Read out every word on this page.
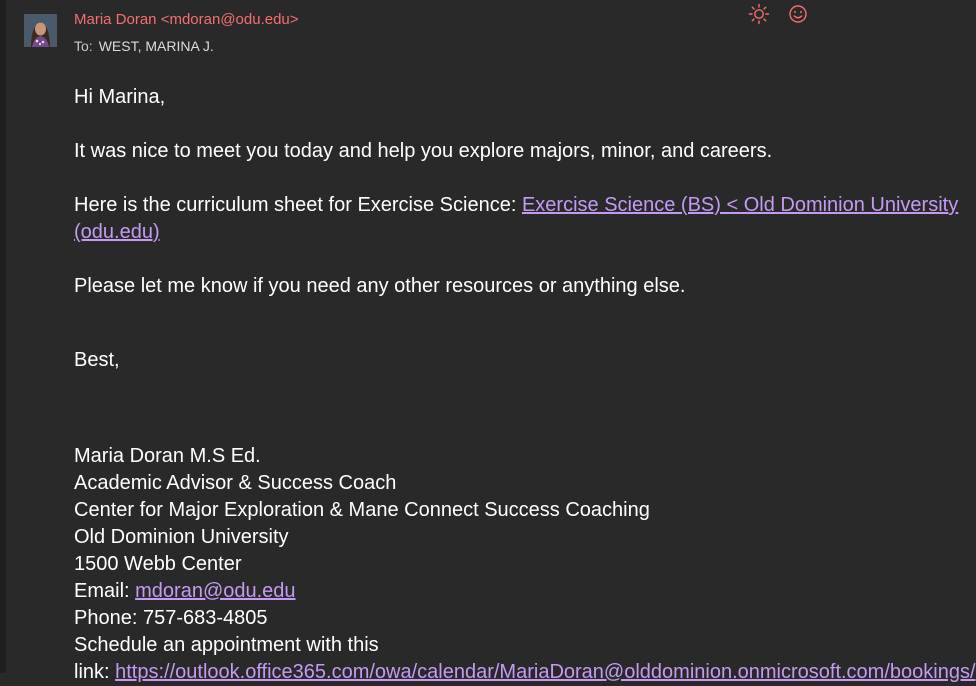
Maria Doran <mdoran@odu.edu>
To: WEST, MARINA J.

Hi Marina,

It was nice to meet you today and help you explore majors, minor, and careers.

Here is the curriculum sheet for Exercise Science: Exercise Science (BS) < Old Dominion University

(odu.edu)

Please let me know if you need any other resources or anything else.

Best,

Maria Doran M.S Ed.

Academic Advisor & Success Coach

Center for Major Exploration & Mane Connect Success Coaching

Old Dominion University

1500 Webb Center

Email: mdoran@odu.edu

Phone: 757-683-4805

Schedule an appointment with this

link: https://outlook.office365.com/owa/calendar/MariaDoran@olddominion.onmicrosoft.com/bookings/
